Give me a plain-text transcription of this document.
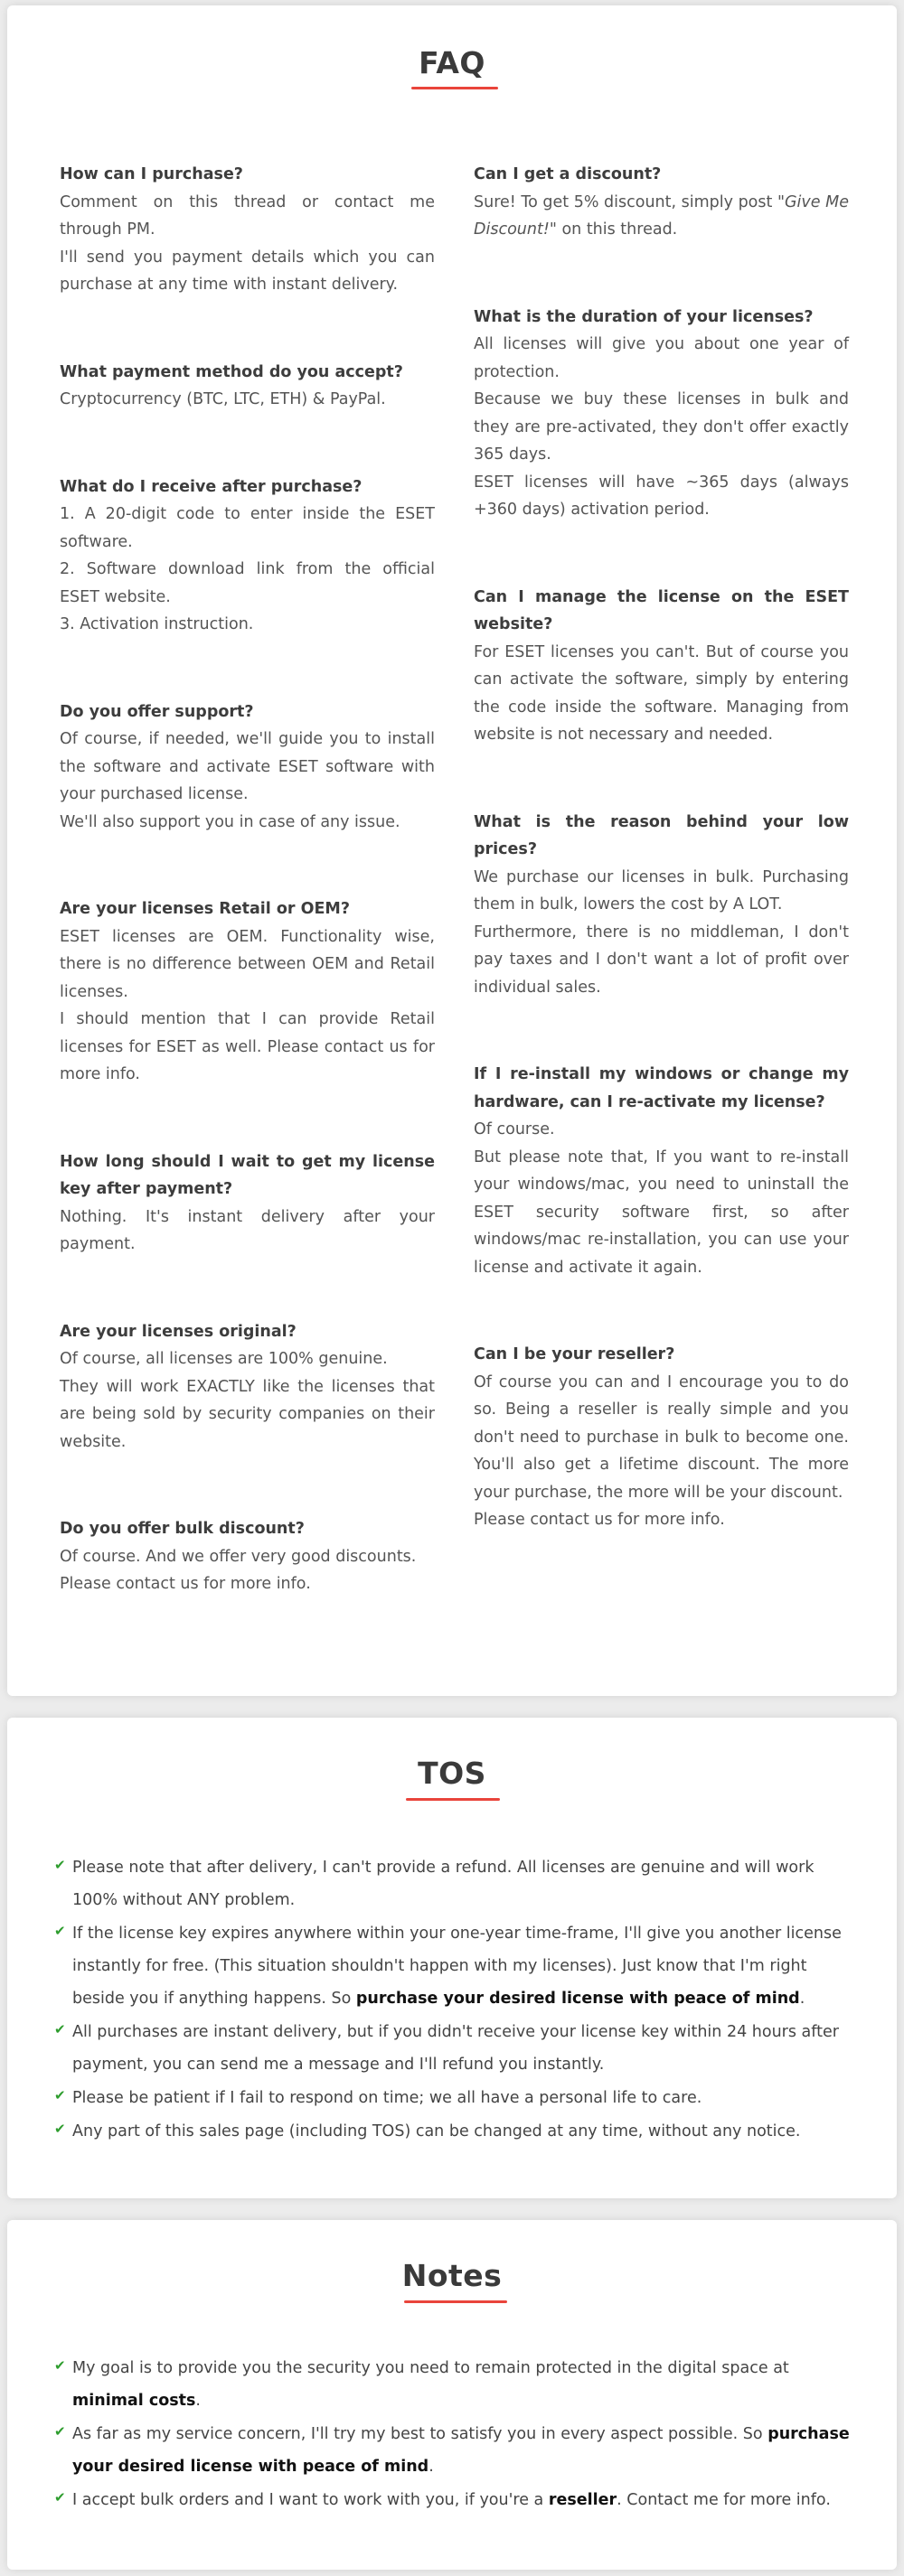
FAQ
How can I purchase?

Comment on this thread or contact me through PM.

I'll send you payment details which you can purchase at any time with instant delivery.

What payment method do you accept?

Cryptocurrency (BTC, LTC, ETH) & PayPal.

What do I receive after purchase?

1. A 20-digit code to enter inside the ESET software.

2. Software download link from the official ESET website.

3. Activation instruction.

Do you offer support?

Of course, if needed, we'll guide you to install the software and activate ESET software with your purchased license.

We'll also support you in case of any issue.

Are your licenses Retail or OEM?

ESET licenses are OEM. Functionality wise, there is no difference between OEM and Retail licenses.

I should mention that I can provide Retail licenses for ESET as well. Please contact us for more info.

How long should I wait to get my license key after payment?

Nothing. It's instant delivery after your payment.

Are your licenses original?

Of course, all licenses are 100% genuine.

They will work EXACTLY like the licenses that are being sold by security companies on their website.

Do you offer bulk discount?

Of course. And we offer very good discounts.

Please contact us for more info.

Can I get a discount?

Sure! To get 5% discount, simply post "Give Me Discount!" on this thread.

What is the duration of your licenses?

All licenses will give you about one year of protection.

Because we buy these licenses in bulk and they are pre-activated, they don't offer exactly 365 days.

ESET licenses will have ~365 days (always +360 days) activation period.

Can I manage the license on the ESET website?

For ESET licenses you can't. But of course you can activate the software, simply by entering the code inside the software. Managing from website is not necessary and needed.

What is the reason behind your low prices?

We purchase our licenses in bulk. Purchasing them in bulk, lowers the cost by A LOT.

Furthermore, there is no middleman, I don't pay taxes and I don't want a lot of profit over individual sales.

If I re-install my windows or change my hardware, can I re-activate my license?

Of course.

But please note that, If you want to re-install your windows/mac, you need to uninstall the ESET security software first, so after windows/mac re-installation, you can use your license and activate it again.

Can I be your reseller?

Of course you can and I encourage you to do so. Being a reseller is really simple and you don't need to purchase in bulk to become one. You'll also get a lifetime discount. The more your purchase, the more will be your discount.

Please contact us for more info.

TOS
✔ Please note that after delivery, I can't provide a refund. All licenses are genuine and will work 100% without ANY problem.
✔ If the license key expires anywhere within your one-year time-frame, I'll give you another license instantly for free. (This situation shouldn't happen with my licenses). Just know that I'm right beside you if anything happens. So purchase your desired license with peace of mind.
✔ All purchases are instant delivery, but if you didn't receive your license key within 24 hours after payment, you can send me a message and I'll refund you instantly.
✔ Please be patient if I fail to respond on time; we all have a personal life to care.
✔ Any part of this sales page (including TOS) can be changed at any time, without any notice.
Notes
✔ My goal is to provide you the security you need to remain protected in the digital space at minimal costs.
✔ As far as my service concern, I'll try my best to satisfy you in every aspect possible. So purchase your desired license with peace of mind.
✔ I accept bulk orders and I want to work with you, if you're a reseller. Contact me for more info.
